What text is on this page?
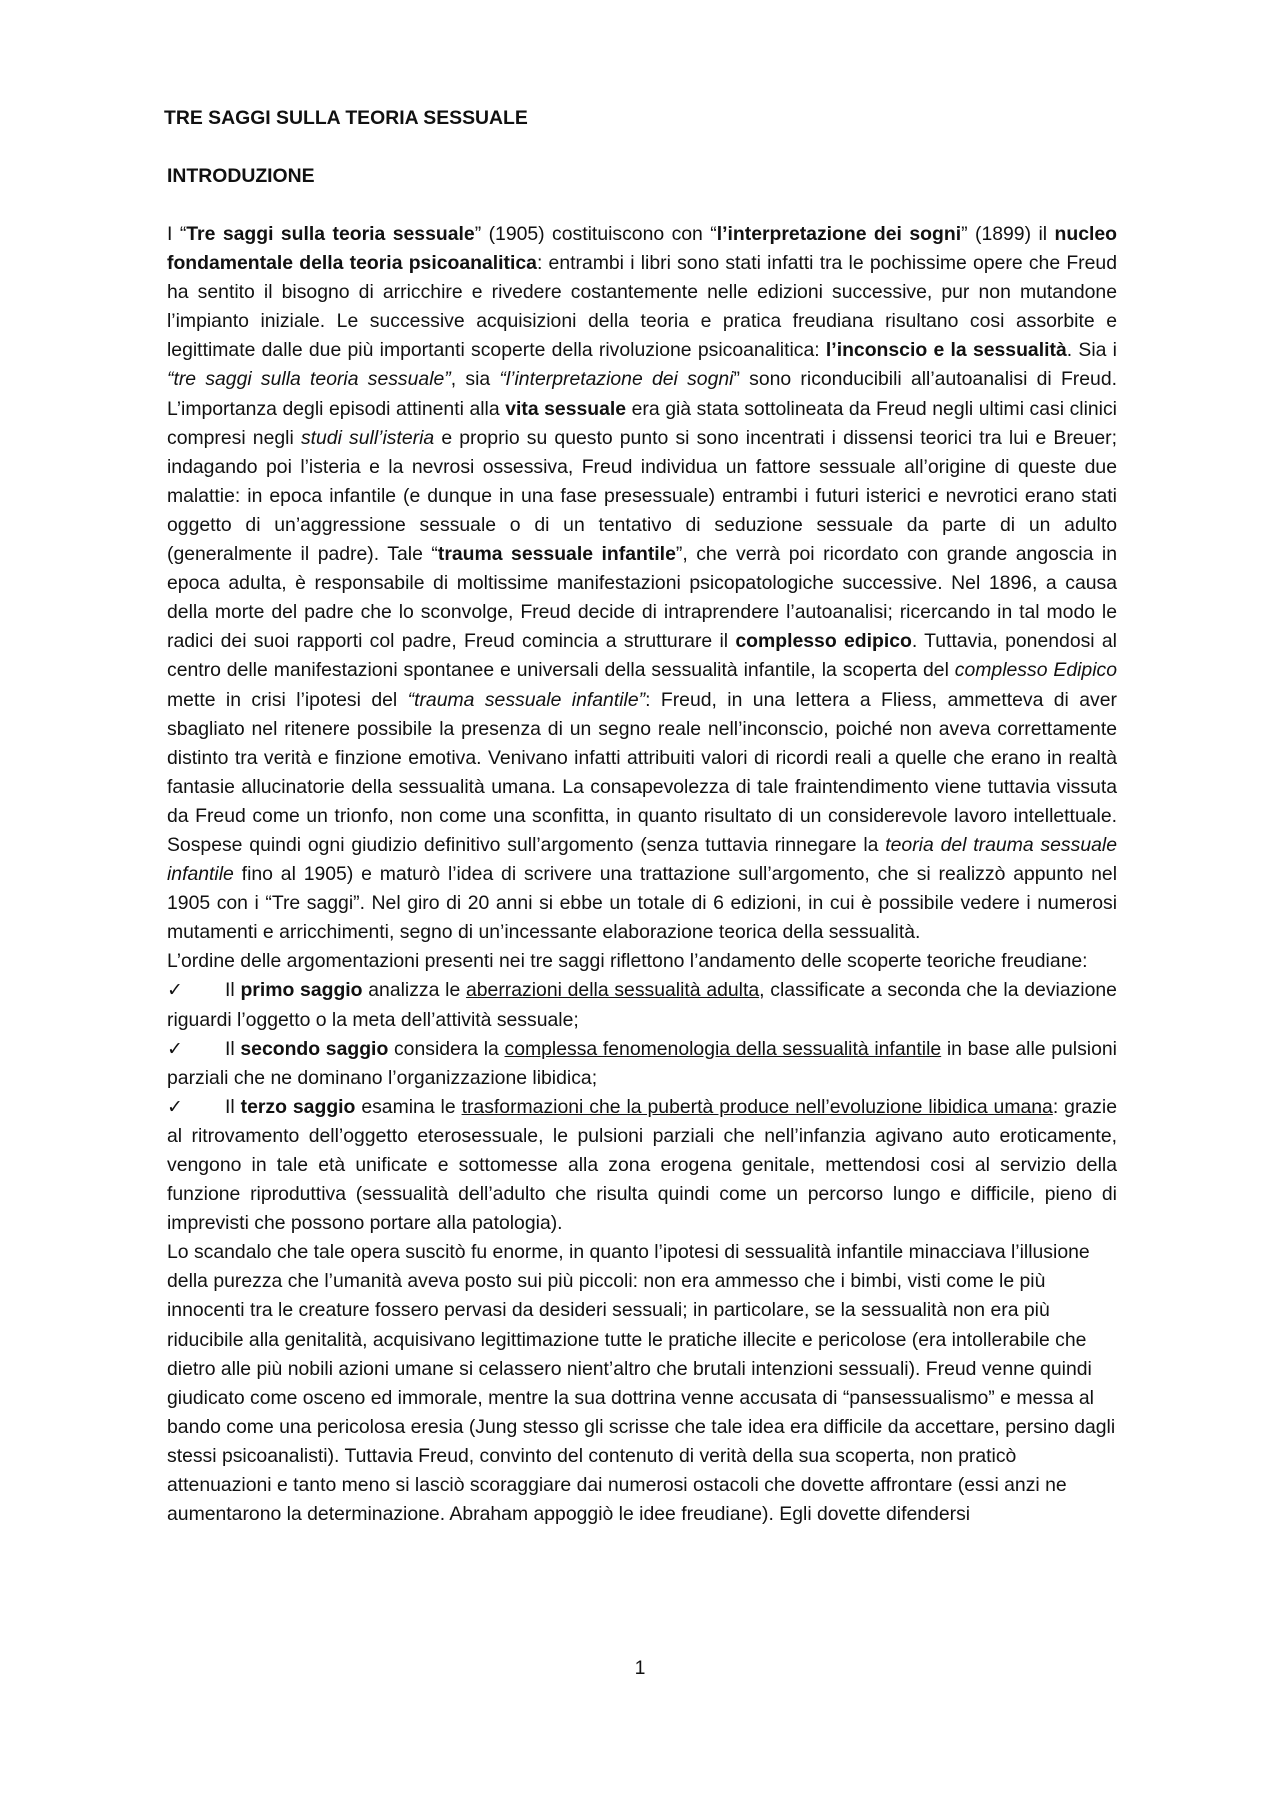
TRE SAGGI SULLA TEORIA SESSUALE
INTRODUZIONE

I “Tre saggi sulla teoria sessuale” (1905) costituiscono con “l’interpretazione dei sogni” (1899) il nucleo fondamentale della teoria psicoanalitica: entrambi i libri sono stati infatti tra le pochissime opere che Freud ha sentito il bisogno di arricchire e rivedere costantemente nelle edizioni successive, pur non mutandone l’impianto iniziale. Le successive acquisizioni della teoria e pratica freudiana risultano cosi assorbite e legittimate dalle due più importanti scoperte della rivoluzione psicoanalitica: l’inconscio e la sessualità. Sia i “tre saggi sulla teoria sessuale”, sia “l’interpretazione dei sogni” sono riconducibili all’autoanalisi di Freud. L’importanza degli episodi attinenti alla vita sessuale era già stata sottolineata da Freud negli ultimi casi clinici compresi negli studi sull’isteria e proprio su questo punto si sono incentrati i dissensi teorici tra lui e Breuer; indagando poi l’isteria e la nevrosi ossessiva, Freud individua un fattore sessuale all’origine di queste due malattie: in epoca infantile (e dunque in una fase presessuale) entrambi i futuri isterici e nevrotici erano stati oggetto di un’aggressione sessuale o di un tentativo di seduzione sessuale da parte di un adulto (generalmente il padre). Tale “trauma sessuale infantile”, che verrà poi ricordato con grande angoscia in epoca adulta, è responsabile di moltissime manifestazioni psicopatologiche successive. Nel 1896, a causa della morte del padre che lo sconvolge, Freud decide di intraprendere l’autoanalisi; ricercando in tal modo le radici dei suoi rapporti col padre, Freud comincia a strutturare il complesso edipico. Tuttavia, ponendosi al centro delle manifestazioni spontanee e universali della sessualità infantile, la scoperta del complesso Edipico mette in crisi l’ipotesi del “trauma sessuale infantile”: Freud, in una lettera a Fliess, ammetteva di aver sbagliato nel ritenere possibile la presenza di un segno reale nell’inconscio, poiché non aveva correttamente distinto tra verità e finzione emotiva. Venivano infatti attribuiti valori di ricordi reali a quelle che erano in realtà fantasie allucinatorie della sessualità umana. La consapevolezza di tale fraintendimento viene tuttavia vissuta da Freud come un trionfo, non come una sconfitta, in quanto risultato di un considerevole lavoro intellettuale. Sospese quindi ogni giudizio definitivo sull’argomento (senza tuttavia rinnegare la teoria del trauma sessuale infantile fino al 1905) e maturò l’idea di scrivere una trattazione sull’argomento, che si realizzò appunto nel 1905 con i “Tre saggi”. Nel giro di 20 anni si ebbe un totale di 6 edizioni, in cui è possibile vedere i numerosi mutamenti e arricchimenti, segno di un’incessante elaborazione teorica della sessualità.

L’ordine delle argomentazioni presenti nei tre saggi riflettono l’andamento delle scoperte teoriche freudiane:

✓ Il primo saggio analizza le aberrazioni della sessualità adulta, classificate a seconda che la deviazione riguardi l’oggetto o la meta dell’attività sessuale;
✓ Il secondo saggio considera la complessa fenomenologia della sessualità infantile in base alle pulsioni parziali che ne dominano l’organizzazione libidica;
✓ Il terzo saggio esamina le trasformazioni che la pubertà produce nell’evoluzione libidica umana: grazie al ritrovamento dell’oggetto eterosessuale, le pulsioni parziali che nell’infanzia agivano auto eroticamente, vengono in tale età unificate e sottomesse alla zona erogena genitale, mettendosi cosi al servizio della funzione riproduttiva (sessualità dell’adulto che risulta quindi come un percorso lungo e difficile, pieno di imprevisti che possono portare alla patologia).

Lo scandalo che tale opera suscitò fu enorme, in quanto l’ipotesi di sessualità infantile minacciava l’illusione della purezza che l’umanità aveva posto sui più piccoli: non era ammesso che i bimbi, visti come le più innocenti tra le creature fossero pervasi da desideri sessuali; in particolare, se la sessualità non era più riducibile alla genitalità, acquisivano legittimazione tutte le pratiche illecite e pericolose (era intollerabile che dietro alle più nobili azioni umane si celassero nient’altro che brutali intenzioni sessuali). Freud venne quindi giudicato come osceno ed immorale, mentre la sua dottrina venne accusata di “pansessualismo” e messa al bando come una pericolosa eresia (Jung stesso gli scrisse che tale idea era difficile da accettare, persino dagli stessi psicoanalisti). Tuttavia Freud, convinto del contenuto di verità della sua scoperta, non praticò attenuazioni e tanto meno si lasciò scoraggiare dai numerosi ostacoli che dovette affrontare (essi anzi ne aumentarono la determinazione. Abraham appoggiò le idee freudiane). Egli dovette difendersi

1
